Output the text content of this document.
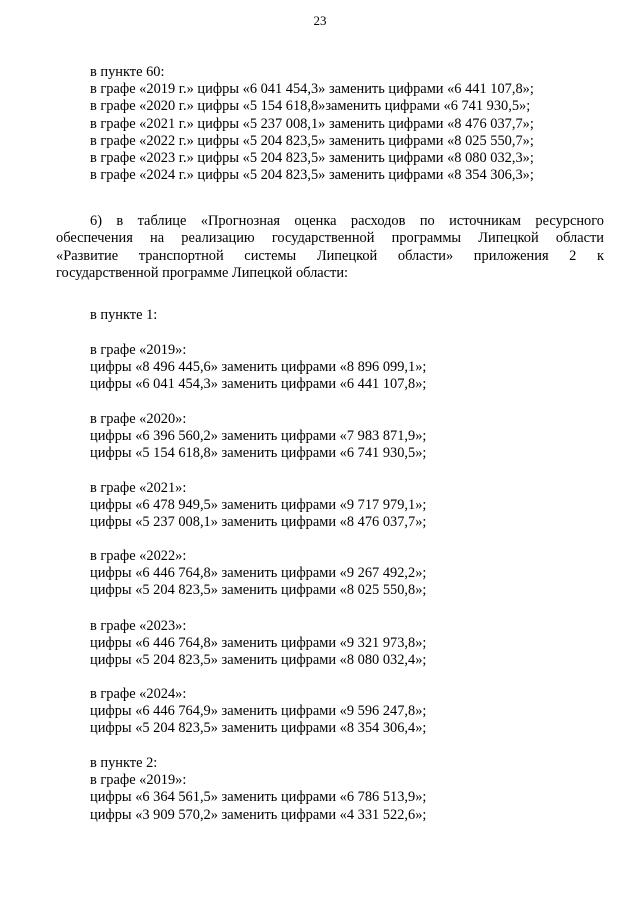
23
в пункте 60:
в графе «2019 г.» цифры «6 041 454,3» заменить цифрами «6 441 107,8»;
в графе «2020 г.» цифры «5 154 618,8»заменить цифрами «6 741 930,5»;
в графе «2021 г.» цифры «5 237 008,1» заменить цифрами «8 476 037,7»;
в графе «2022 г.» цифры «5 204 823,5» заменить цифрами «8 025 550,7»;
в графе «2023 г.» цифры «5 204 823,5» заменить цифрами «8 080 032,3»;
в графе «2024 г.» цифры «5 204 823,5» заменить цифрами «8 354 306,3»;
6) в таблице «Прогнозная оценка расходов по источникам ресурсного
обеспечения на реализацию государственной программы Липецкой области
«Развитие транспортной системы Липецкой области» приложения 2 к
государственной программе Липецкой области:
в пункте 1:
в графе «2019»:
цифры «8 496 445,6» заменить цифрами «8 896 099,1»;
цифры «6 041 454,3» заменить цифрами «6 441 107,8»;
в графе «2020»:
цифры «6 396 560,2» заменить цифрами «7 983 871,9»;
цифры «5 154 618,8» заменить цифрами «6 741 930,5»;
в графе «2021»:
цифры «6 478 949,5» заменить цифрами «9 717 979,1»;
цифры «5 237 008,1» заменить цифрами «8 476 037,7»;
в графе «2022»:
цифры «6 446 764,8» заменить цифрами «9 267 492,2»;
цифры «5 204 823,5» заменить цифрами «8 025 550,8»;
в графе «2023»:
цифры «6 446 764,8» заменить цифрами «9 321 973,8»;
цифры «5 204 823,5» заменить цифрами «8 080 032,4»;
в графе «2024»:
цифры «6 446 764,9» заменить цифрами «9 596 247,8»;
цифры «5 204 823,5» заменить цифрами «8 354 306,4»;
в пункте 2:
в графе «2019»:
цифры «6 364 561,5» заменить цифрами «6 786 513,9»;
цифры «3 909 570,2» заменить цифрами «4 331 522,6»;
